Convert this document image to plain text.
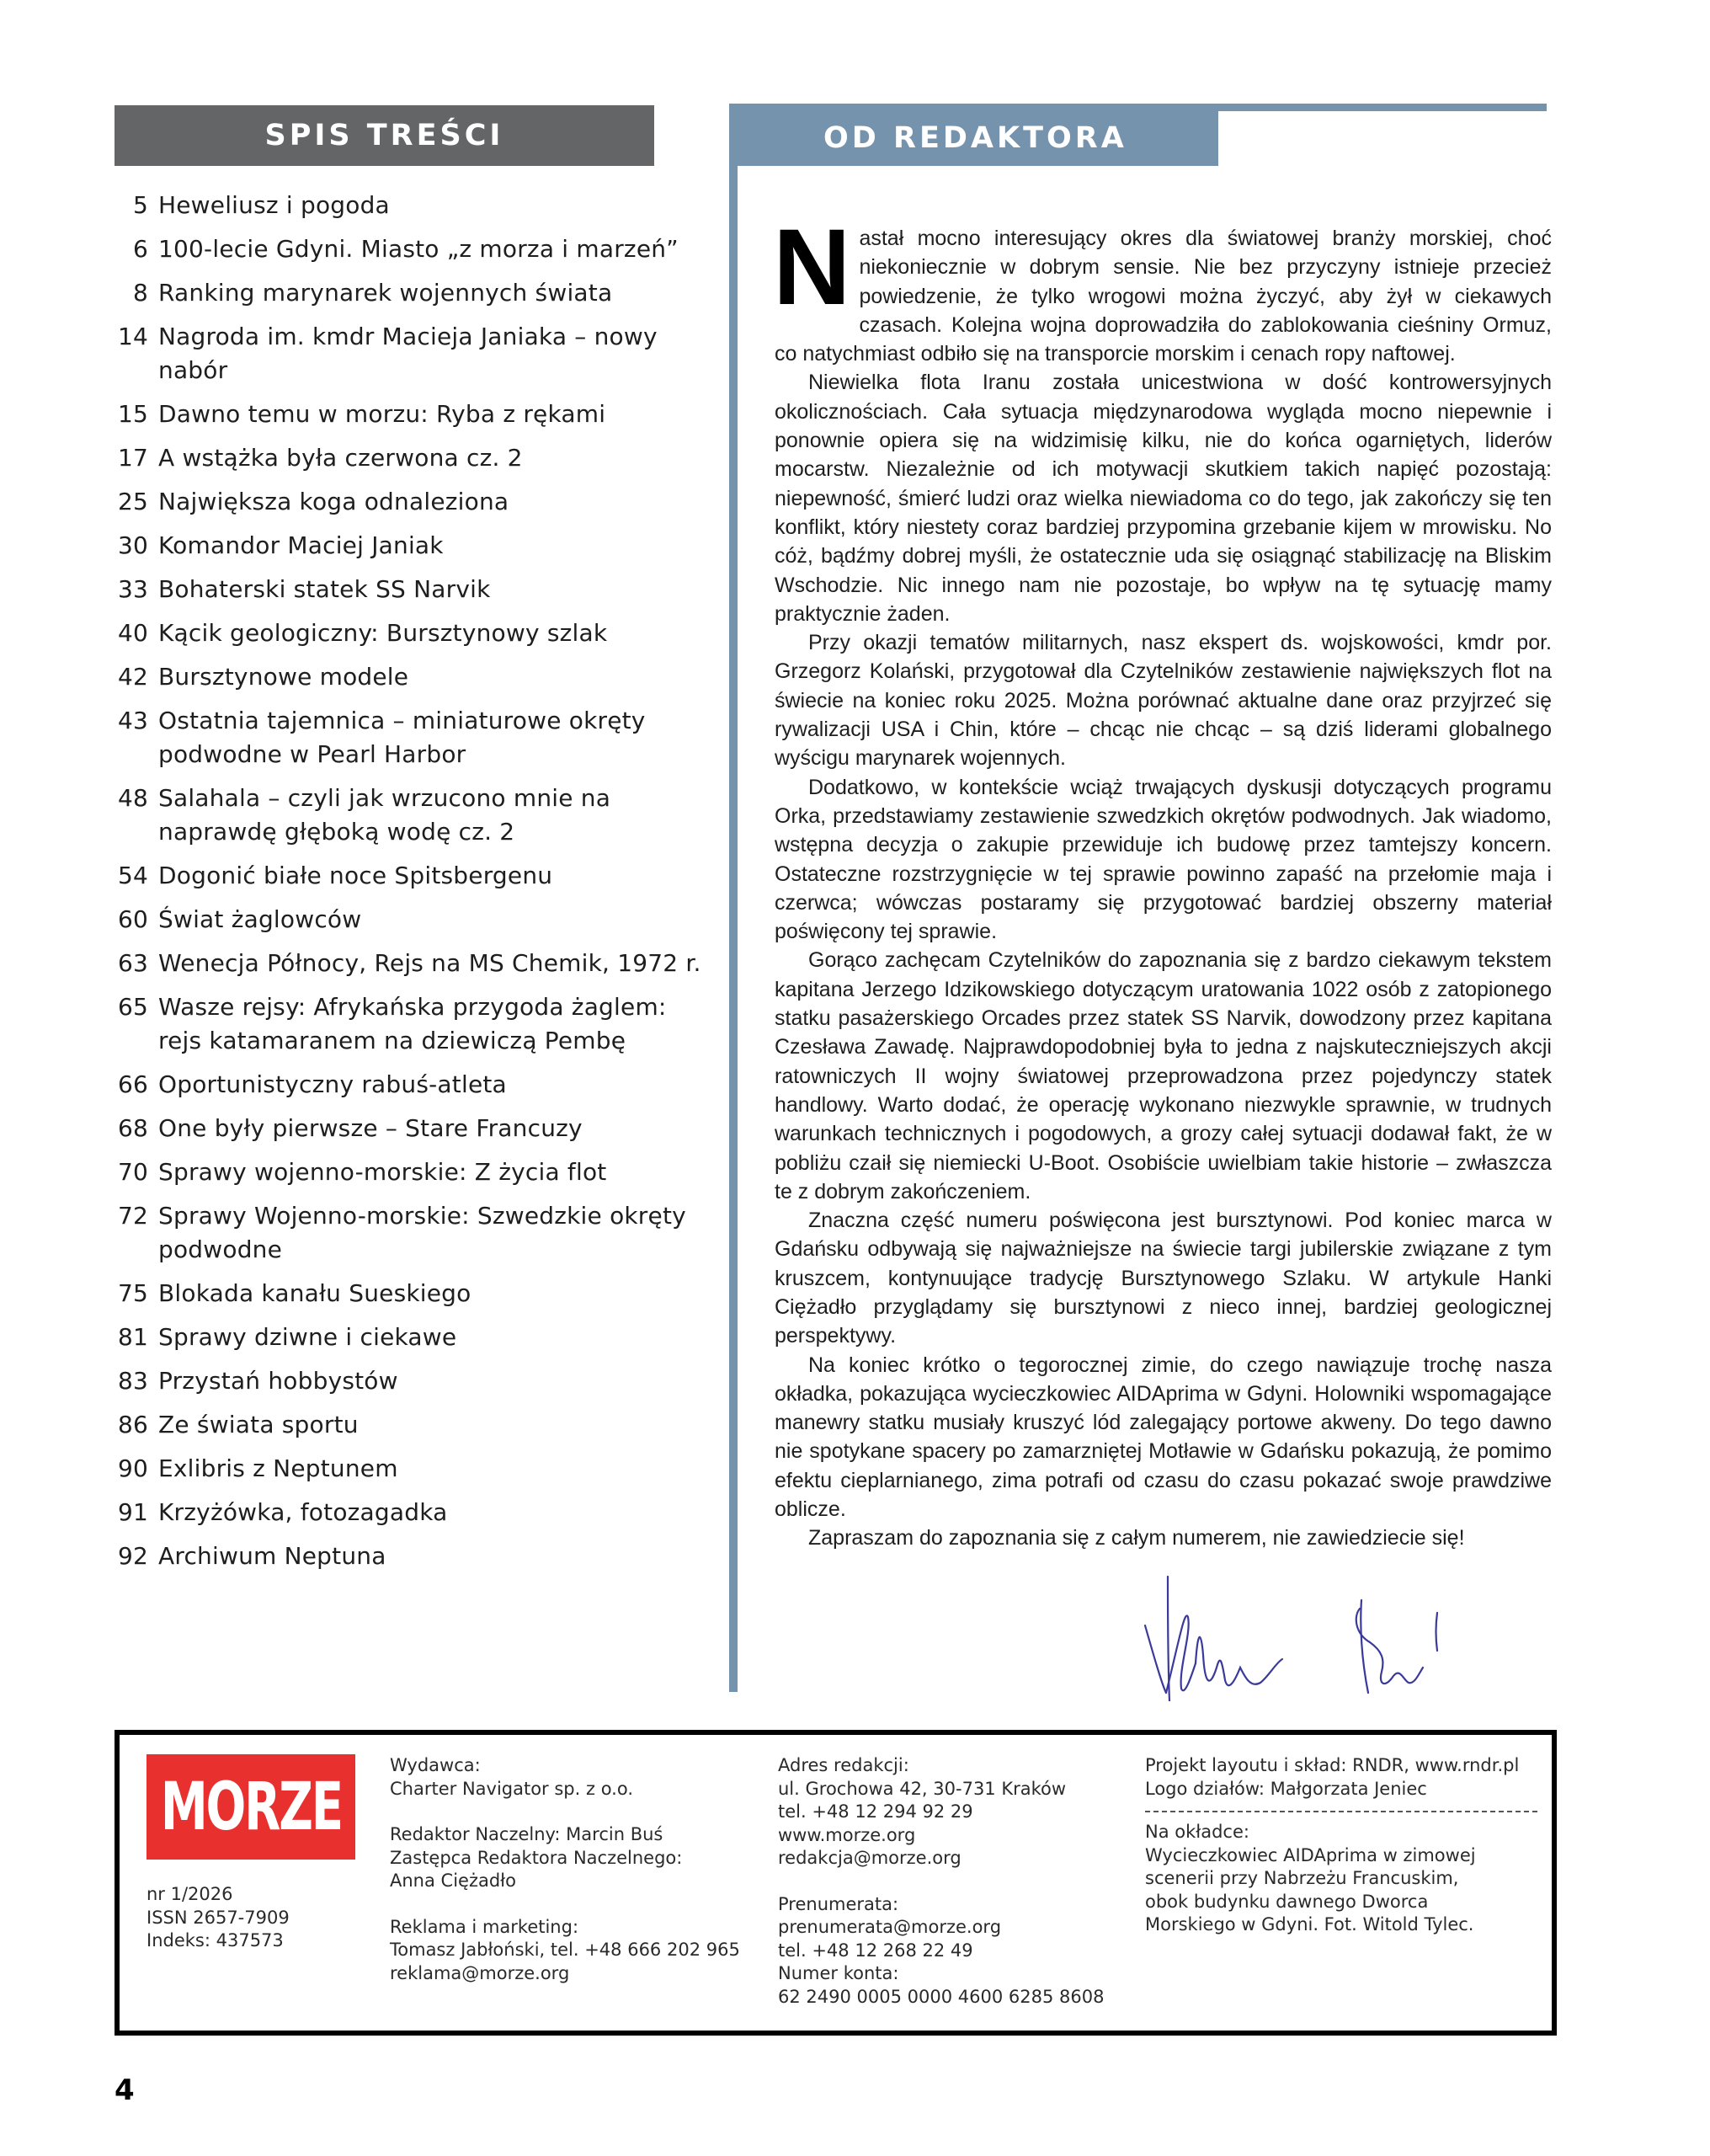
SPIS TREŚCI
5 Heweliusz i pogoda
6 100-lecie Gdyni. Miasto „z morza i marzeń”
8 Ranking marynarek wojennych świata
14 Nagroda im. kmdr Macieja Janiaka – nowy nabór
15 Dawno temu w morzu: Ryba z rękami
17 A wstążka była czerwona cz. 2
25 Największa koga odnaleziona
30 Komandor Maciej Janiak
33 Bohaterski statek SS Narvik
40 Kącik geologiczny: Bursztynowy szlak
42 Bursztynowe modele
43 Ostatnia tajemnica – miniaturowe okręty podwodne w Pearl Harbor
48 Salahala – czyli jak wrzucono mnie na naprawdę głęboką wodę cz. 2
54 Dogonić białe noce Spitsbergenu
60 Świat żaglowców
63 Wenecja Północy, Rejs na MS Chemik, 1972 r.
65 Wasze rejsy: Afrykańska przygoda żaglem: rejs katamaranem na dziewiczą Pembę
66 Oportunistyczny rabuś-atleta
68 One były pierwsze – Stare Francuzy
70 Sprawy wojenno-morskie: Z życia flot
72 Sprawy Wojenno-morskie: Szwedzkie okręty podwodne
75 Blokada kanału Sueskiego
81 Sprawy dziwne i ciekawe
83 Przystań hobbystów
86 Ze świata sportu
90 Exlibris z Neptunem
91 Krzyżówka, fotozagadka
92 Archiwum Neptuna
OD REDAKTORA

Nastał mocno interesujący okres dla światowej branży morskiej, choć niekoniecznie w dobrym sensie. Nie bez przyczyny istnieje przecież powiedzenie, że tylko wrogowi można życzyć, aby żył w ciekawych czasach. Kolejna wojna doprowadziła do zablokowania cieśniny Ormuz, co natychmiast odbiło się na transporcie morskim i cenach ropy naftowej.

Niewielka flota Iranu została unicestwiona w dość kontrowersyjnych okolicznościach. Cała sytuacja międzynarodowa wygląda mocno niepewnie i ponownie opiera się na widzimisię kilku, nie do końca ogarniętych, liderów mocarstw. Niezależnie od ich motywacji skutkiem takich napięć pozostają: niepewność, śmierć ludzi oraz wielka niewiadoma co do tego, jak zakończy się ten konflikt, który niestety coraz bardziej przypomina grzebanie kijem w mrowisku. No cóż, bądźmy dobrej myśli, że ostatecznie uda się osiągnąć stabilizację na Bliskim Wschodzie. Nic innego nam nie pozostaje, bo wpływ na tę sytuację mamy praktycznie żaden.

Przy okazji tematów militarnych, nasz ekspert ds. wojskowości, kmdr por. Grzegorz Kolański, przygotował dla Czytelników zestawienie największych flot na świecie na koniec roku 2025. Można porównać aktualne dane oraz przyjrzeć się rywalizacji USA i Chin, które – chcąc nie chcąc – są dziś liderami globalnego wyścigu marynarek wojennych.

Dodatkowo, w kontekście wciąż trwających dyskusji dotyczących programu Orka, przedstawiamy zestawienie szwedzkich okrętów podwodnych. Jak wiadomo, wstępna decyzja o zakupie przewiduje ich budowę przez tamtejszy koncern. Ostateczne rozstrzygnięcie w tej sprawie powinno zapaść na przełomie maja i czerwca; wówczas postaramy się przygotować bardziej obszerny materiał poświęcony tej sprawie.

Gorąco zachęcam Czytelników do zapoznania się z bardzo ciekawym tekstem kapitana Jerzego Idzikowskiego dotyczącym uratowania 1022 osób z zatopionego statku pasażerskiego Orcades przez statek SS Narvik, dowodzony przez kapitana Czesława Zawadę. Najprawdopodobniej była to jedna z najskuteczniejszych akcji ratowniczych II wojny światowej przeprowadzona przez pojedynczy statek handlowy. Warto dodać, że operację wykonano niezwykle sprawnie, w trudnych warunkach technicznych i pogodowych, a grozy całej sytuacji dodawał fakt, że w pobliżu czaił się niemiecki U-Boot. Osobiście uwielbiam takie historie – zwłaszcza te z dobrym zakończeniem.

Znaczna część numeru poświęcona jest bursztynowi. Pod koniec marca w Gdańsku odbywają się najważniejsze na świecie targi jubilerskie związane z tym kruszcem, kontynuujące tradycję Bursztynowego Szlaku. W artykule Hanki Ciężadło przyglądamy się bursztynowi z nieco innej, bardziej geologicznej perspektywy.

Na koniec krótko o tegorocznej zimie, do czego nawiązuje trochę nasza okładka, pokazująca wycieczkowiec AIDAprima w Gdyni. Holowniki wspomagające manewry statku musiały kruszyć lód zalegający portowe akweny. Do tego dawno nie spotykane spacery po zamarzniętej Motławie w Gdańsku pokazują, że pomimo efektu cieplarnianego, zima potrafi od czasu do czasu pokazać swoje prawdziwe oblicze.

Zapraszam do zapoznania się z całym numerem, nie zawiedziecie się!

MORZE

nr 1/2026

ISSN 2657-7909

Indeks: 437573

Wydawca:

Charter Navigator sp. z o.o.

Redaktor Naczelny: Marcin Buś

Zastępca Redaktora Naczelnego:

Anna Ciężadło

Reklama i marketing:

Tomasz Jabłoński, tel. +48 666 202 965

reklama@morze.org

Adres redakcji:

ul. Grochowa 42, 30-731 Kraków

tel. +48 12 294 92 29

www.morze.org

redakcja@morze.org

Prenumerata:

prenumerata@morze.org

tel. +48 12 268 22 49

Numer konta:

62 2490 0005 0000 4600 6285 8608

Projekt layoutu i skład: RNDR, www.rndr.pl

Logo działów: Małgorzata Jeniec

Na okładce:

Wycieczkowiec AIDAprima w zimowej scenerii przy Nabrzeżu Francuskim, obok budynku dawnego Dworca Morskiego w Gdyni. Fot. Witold Tylec.

4
